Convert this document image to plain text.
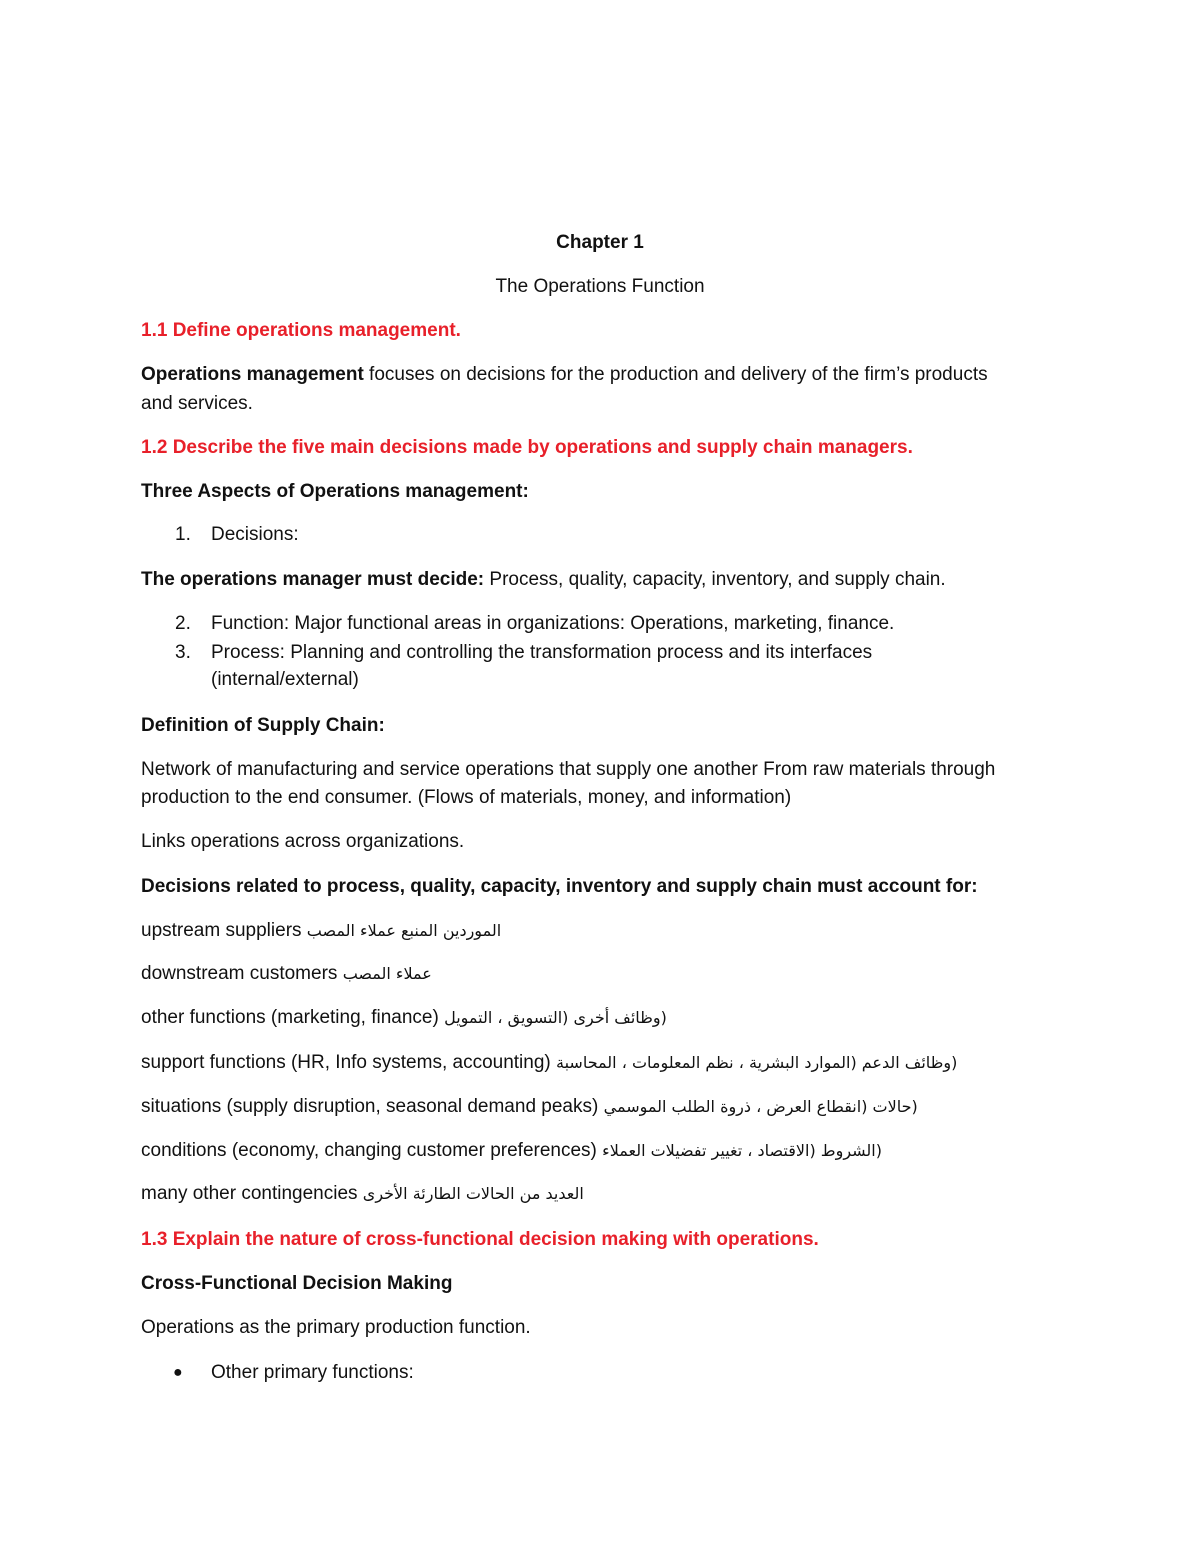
Chapter 1
The Operations Function
1.1 Define operations management.
Operations management focuses on decisions for the production and delivery of the firm’s products
and services.
1.2 Describe the five main decisions made by operations and supply chain managers.
Three Aspects of Operations management:
1. Decisions:
The operations manager must decide: Process, quality, capacity, inventory, and supply chain.
2. Function: Major functional areas in organizations: Operations, marketing, finance.
3. Process: Planning and controlling the transformation process and its interfaces
(internal/external)
Definition of Supply Chain:
Network of manufacturing and service operations that supply one another From raw materials through
production to the end consumer. (Flows of materials, money, and information)
Links operations across organizations.
Decisions related to process, quality, capacity, inventory and supply chain must account for:
upstream suppliers الموردين المنبع عملاء المصب
downstream customers عملاء المصب
other functions (marketing, finance) (وظائف أخرى (التسويق ، التمويل
support functions (HR, Info systems, accounting) (وظائف الدعم (الموارد البشرية ، نظم المعلومات ، المحاسبة
situations (supply disruption, seasonal demand peaks) (حالات (انقطاع العرض ، ذروة الطلب الموسمي
conditions (economy, changing customer preferences) (الشروط (الاقتصاد ، تغيير تفضيلات العملاء
many other contingencies العديد من الحالات الطارئة الأخرى
1.3 Explain the nature of cross-functional decision making with operations.
Cross-Functional Decision Making
Operations as the primary production function.
● Other primary functions:
